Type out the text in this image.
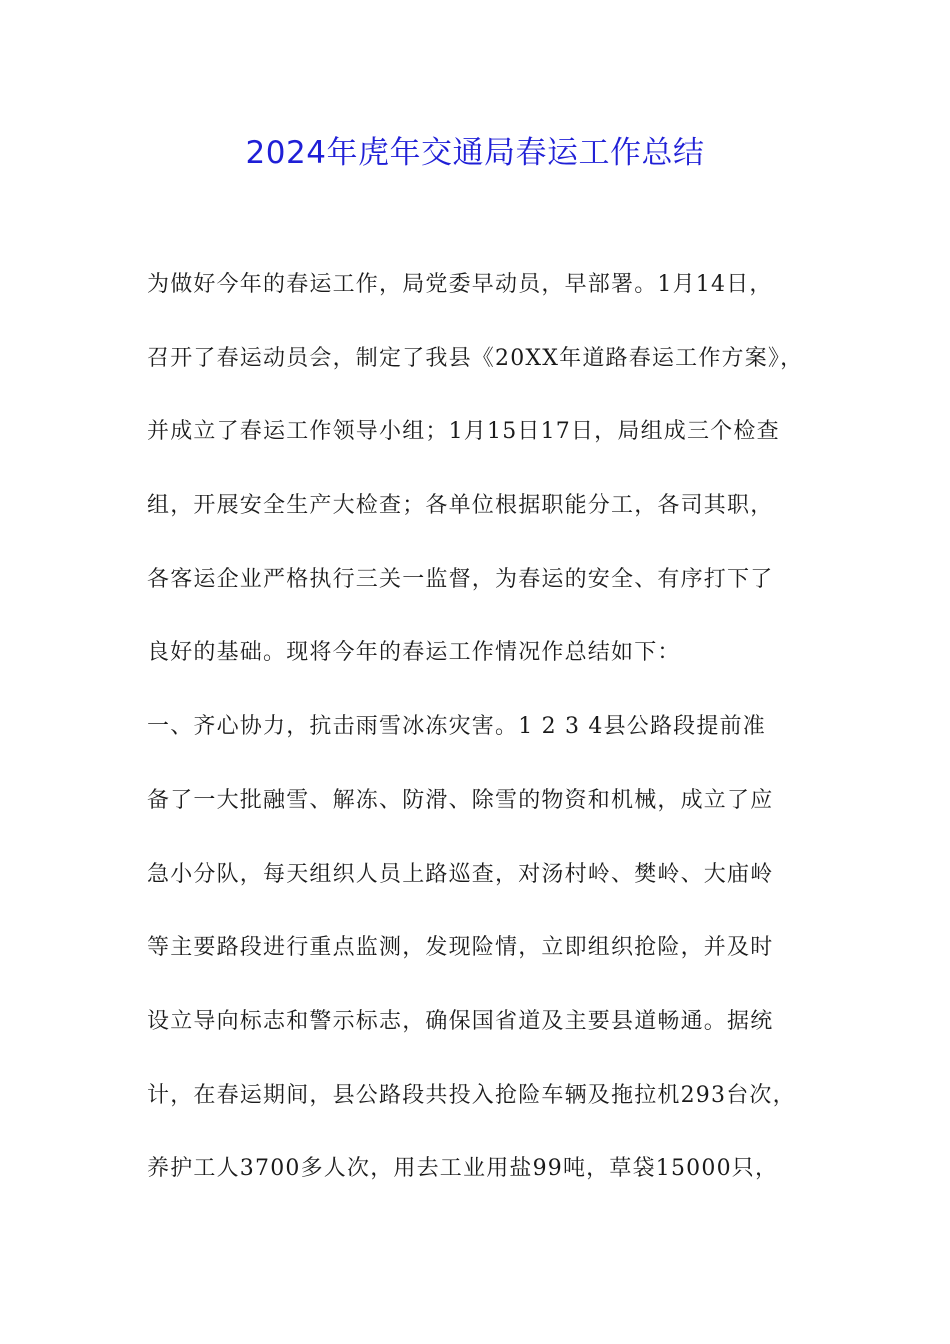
2024年虎年交通局春运工作总结
为做好今年的春运工作，局党委早动员，早部署。1月14日，
召开了春运动员会，制定了我县《20XX年道路春运工作方案》，
并成立了春运工作领导小组；1月15日17日，局组成三个检查
组，开展安全生产大检查；各单位根据职能分工，各司其职，
各客运企业严格执行三关一监督，为春运的安全、有序打下了
良好的基础。现将今年的春运工作情况作总结如下：
一、齐心协力，抗击雨雪冰冻灾害。1 2 3 4县公路段提前准
备了一大批融雪、解冻、防滑、除雪的物资和机械，成立了应
急小分队，每天组织人员上路巡查，对汤村岭、樊岭、大庙岭
等主要路段进行重点监测，发现险情，立即组织抢险，并及时
设立导向标志和警示标志，确保国省道及主要县道畅通。据统
计，在春运期间，县公路段共投入抢险车辆及拖拉机293台次，
养护工人3700多人次，用去工业用盐99吨，草袋15000只，
